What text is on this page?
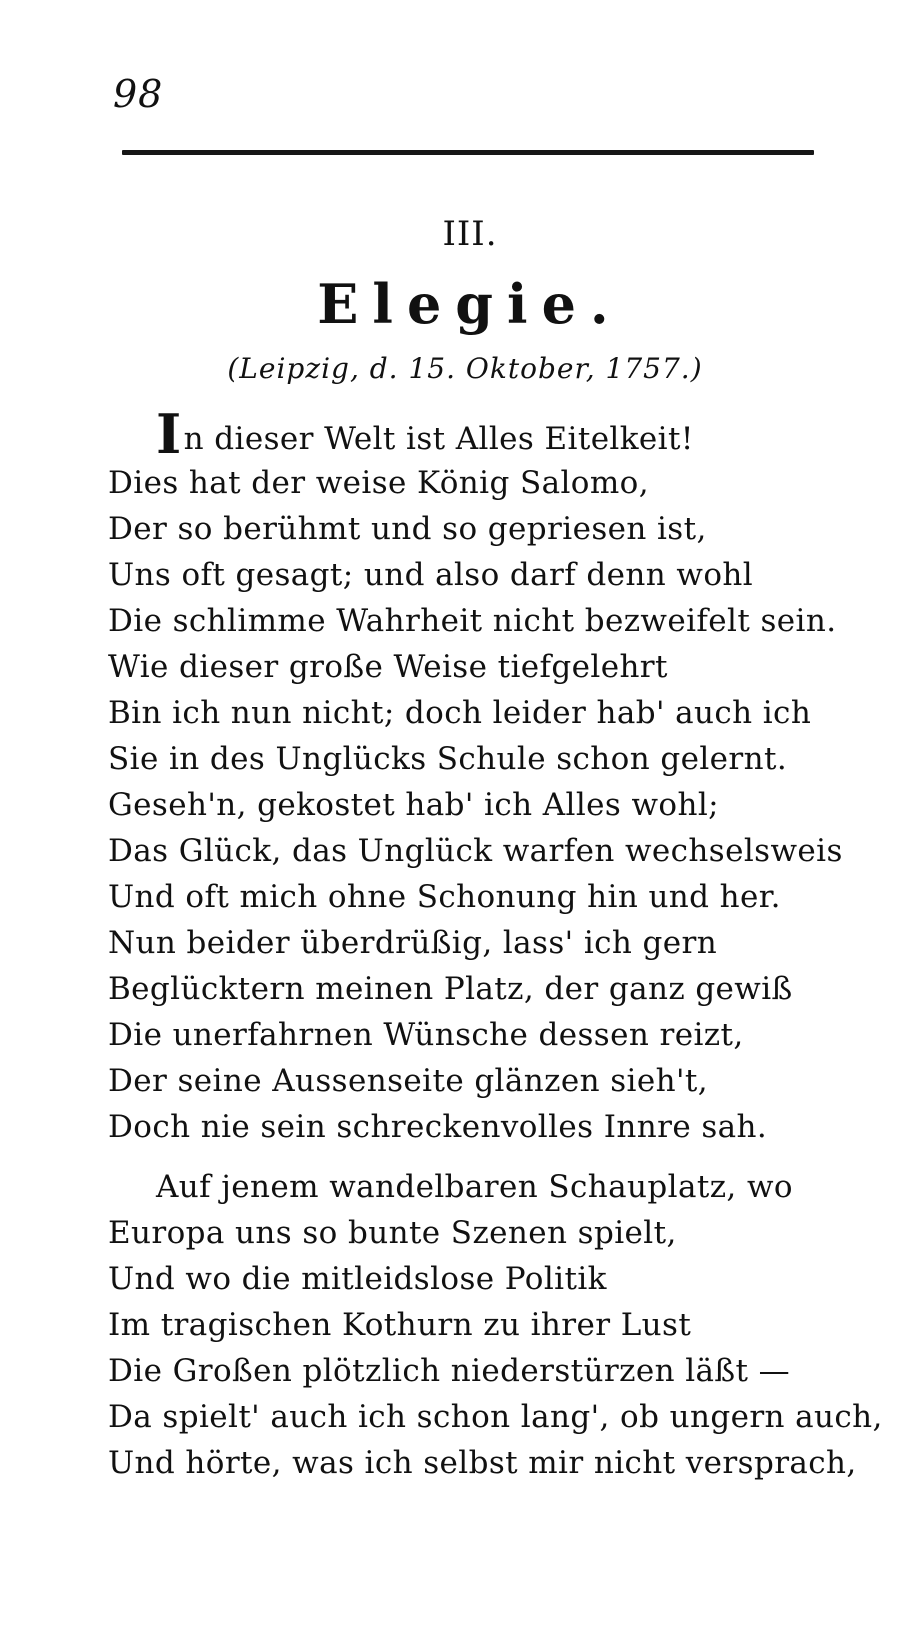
98
III.
Elegie.
(Leipzig, d. 15. Oktober, 1757.)
In dieser Welt ist Alles Eitelkeit!
Dies hat der weise König Salomo,
Der so berühmt und so gepriesen ist,
Uns oft gesagt; und also darf denn wohl
Die schlimme Wahrheit nicht bezweifelt sein.
Wie dieser große Weise tiefgelehrt
Bin ich nun nicht; doch leider hab' auch ich
Sie in des Unglücks Schule schon gelernt.
Geseh'n, gekostet hab' ich Alles wohl;
Das Glück, das Unglück warfen wechselsweis
Und oft mich ohne Schonung hin und her.
Nun beider überdrüßig, lass' ich gern
Beglücktern meinen Platz, der ganz gewiß
Die unerfahrnen Wünsche dessen reizt,
Der seine Aussenseite glänzen sieh't,
Doch nie sein schreckenvolles Innre sah.
Auf jenem wandelbaren Schauplatz, wo
Europa uns so bunte Szenen spielt,
Und wo die mitleidslose Politik
Im tragischen Kothurn zu ihrer Lust
Die Großen plötzlich niederstürzen läßt —
Da spielt' auch ich schon lang', ob ungern auch,
Und hörte, was ich selbst mir nicht versprach,
